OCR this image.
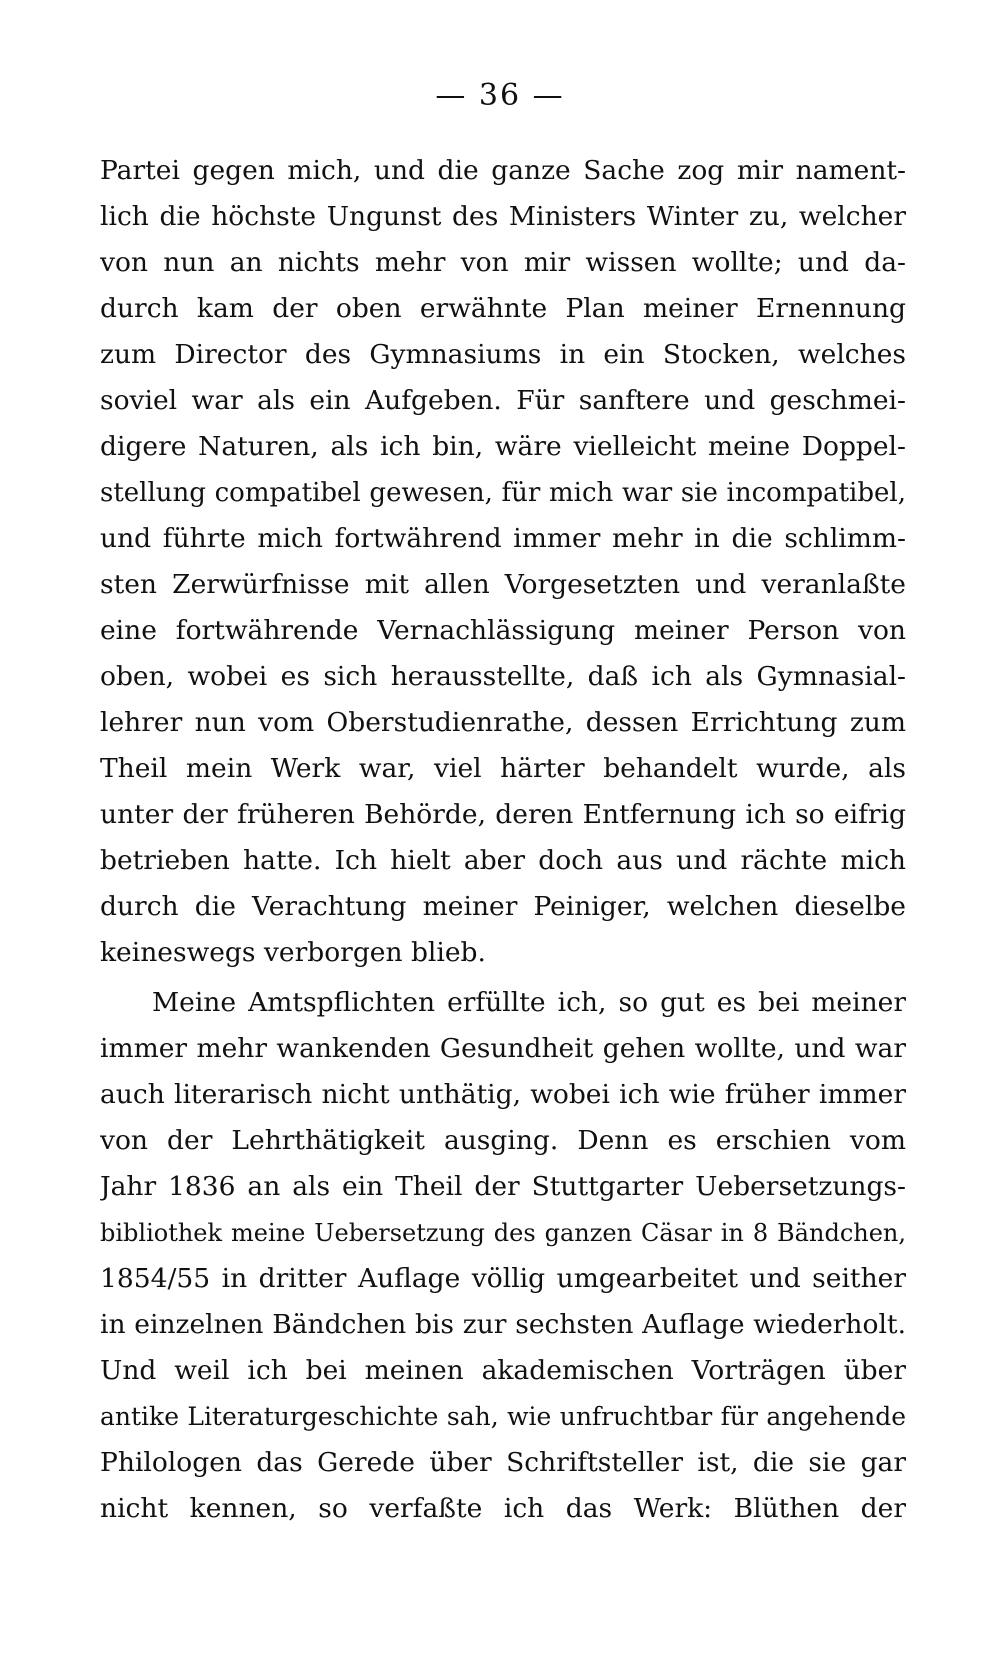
— 36 —
Partei gegen mich, und die ganze Sache zog mir nament-
lich die höchste Ungunst des Ministers Winter zu, welcher
von nun an nichts mehr von mir wissen wollte; und da-
durch kam der oben erwähnte Plan meiner Ernennung
zum Director des Gymnasiums in ein Stocken, welches
soviel war als ein Aufgeben. Für sanftere und geschmei-
digere Naturen, als ich bin, wäre vielleicht meine Doppel-
stellung compatibel gewesen, für mich war sie incompatibel,
und führte mich fortwährend immer mehr in die schlimm-
sten Zerwürfnisse mit allen Vorgesetzten und veranlaßte
eine fortwährende Vernachlässigung meiner Person von
oben, wobei es sich herausstellte, daß ich als Gymnasial-
lehrer nun vom Oberstudienrathe, dessen Errichtung zum
Theil mein Werk war, viel härter behandelt wurde, als
unter der früheren Behörde, deren Entfernung ich so eifrig
betrieben hatte. Ich hielt aber doch aus und rächte mich
durch die Verachtung meiner Peiniger, welchen dieselbe
keineswegs verborgen blieb.
Meine Amtspflichten erfüllte ich, so gut es bei meiner
immer mehr wankenden Gesundheit gehen wollte, und war
auch literarisch nicht unthätig, wobei ich wie früher immer
von der Lehrthätigkeit ausging. Denn es erschien vom
Jahr 1836 an als ein Theil der Stuttgarter Uebersetzungs-
bibliothek meine Uebersetzung des ganzen Cäsar in 8 Bändchen,
1854/55 in dritter Auflage völlig umgearbeitet und seither
in einzelnen Bändchen bis zur sechsten Auflage wiederholt.
Und weil ich bei meinen akademischen Vorträgen über
antike Literaturgeschichte sah, wie unfruchtbar für angehende
Philologen das Gerede über Schriftsteller ist, die sie gar
nicht kennen, so verfaßte ich das Werk: Blüthen der
